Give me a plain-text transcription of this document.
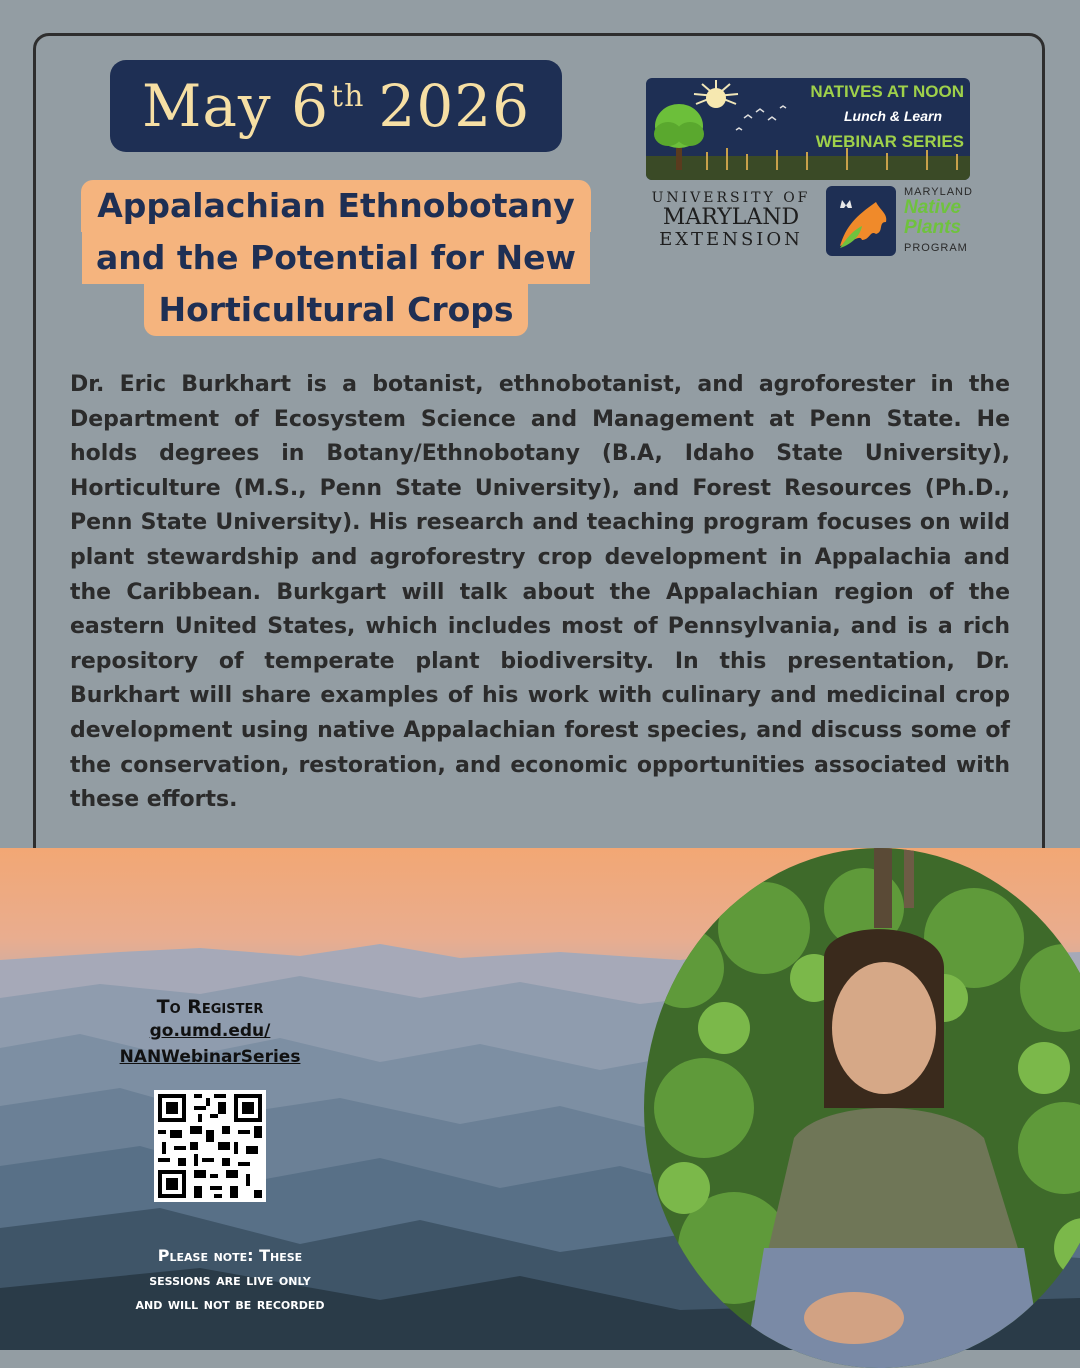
May 6th 2026
Appalachian Ethnobotany
and the Potential for New
Horticultural Crops
NATIVES AT NOON
Lunch & Learn
WEBINAR SERIES
UNIVERSITY OF
MARYLAND
EXTENSION
MARYLAND
Native
Plants
PROGRAM
Dr. Eric Burkhart is a botanist, ethnobotanist, and agroforester in the Department of Ecosystem Science and Management at Penn State. He holds degrees in Botany/Ethnobotany (B.A, Idaho State University), Horticulture (M.S., Penn State University), and Forest Resources (Ph.D., Penn State University). His research and teaching program focuses on wild plant stewardship and agroforestry crop development in Appalachia and the Caribbean. Burkgart will talk about the Appalachian region of the eastern United States, which includes most of Pennsylvania, and is a rich repository of temperate plant biodiversity. In this presentation, Dr. Burkhart will share examples of his work with culinary and medicinal crop development using native Appalachian forest species, and discuss some of the conservation, restoration, and economic opportunities associated with these efforts.
To Register
go.umd.edu/
NANWebinarSeries
Please note: These
sessions are live only
and will not be recorded
